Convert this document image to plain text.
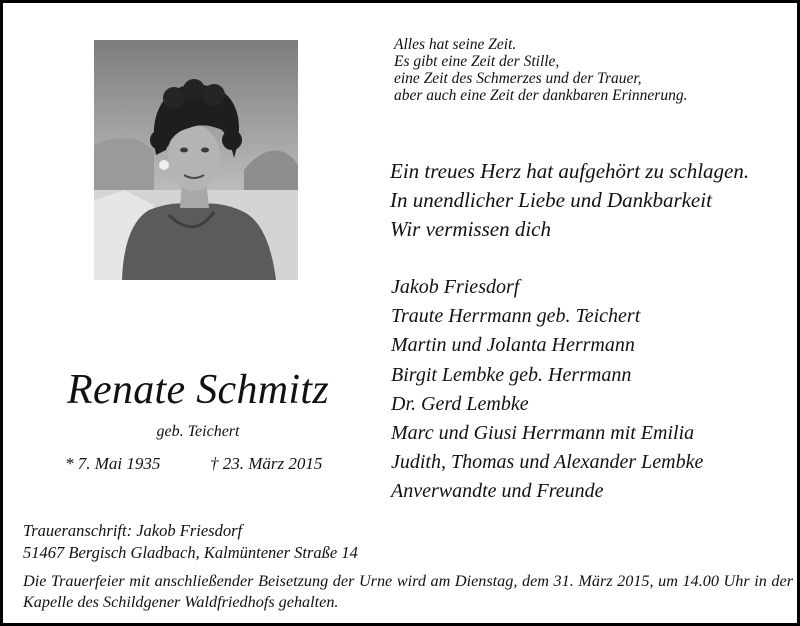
Alles hat seine Zeit.
Es gibt eine Zeit der Stille,
eine Zeit des Schmerzes und der Trauer,
aber auch eine Zeit der dankbaren Erinnerung.
Ein treues Herz hat aufgehört zu schlagen.
In unendlicher Liebe und Dankbarkeit
Wir vermissen dich
Jakob Friesdorf
Traute Herrmann geb. Teichert
Martin und Jolanta Herrmann
Birgit Lembke geb. Herrmann
Dr. Gerd Lembke
Marc und Giusi Herrmann mit Emilia
Judith, Thomas und Alexander Lembke
Anverwandte und Freunde
Renate Schmitz
geb. Teichert
* 7. Mai 1935	† 23. März 2015
Traueranschrift: Jakob Friesdorf
51467 Bergisch Gladbach, Kalmüntener Straße 14
Die Trauerfeier mit anschließender Beisetzung der Urne wird am Dienstag, dem 31. März 2015, um 14.00 Uhr in der Kapelle des Schildgener Waldfriedhofs gehalten.
